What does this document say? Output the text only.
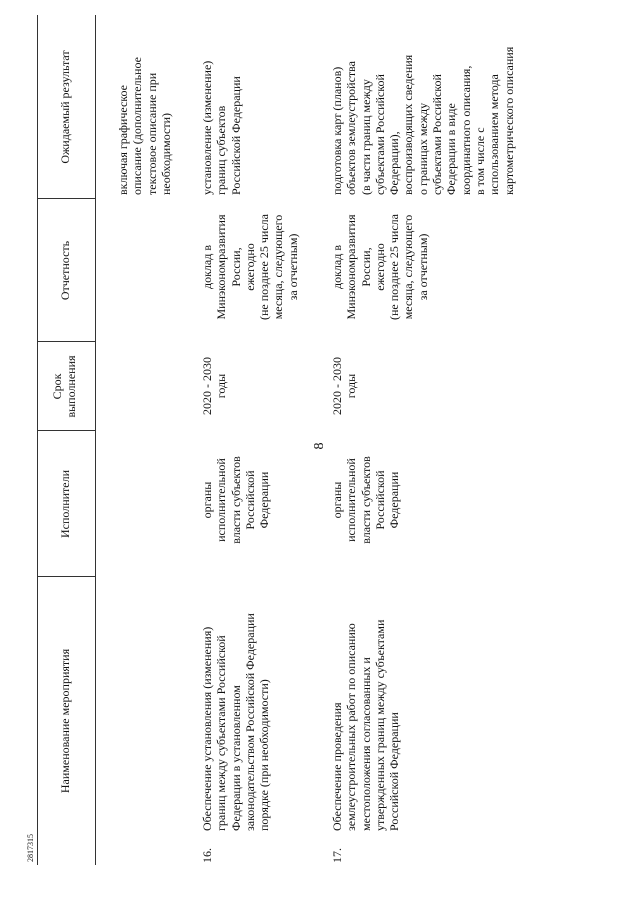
8
2817315
Наименование мероприятия
Исполнители
Срок
выполнения
Отчетность
Ожидаемый результат
включая графическое
описание (дополнительное
текстовое описание при
необходимости)
16.
Обеспечение установления (изменения)
границ между субъектами Российской
Федерации в установленном
законодательством Российской Федерации
порядке (при необходимости)
органы
исполнительной
власти субъектов
Российской
Федерации
2020 - 2030
годы
доклад в
Минэкономразвития
России,
ежегодно
(не позднее 25 числа
месяца, следующего
за отчетным)
установление (изменение)
границ субъектов
Российской Федерации
17.
Обеспечение проведения
землеустроительных работ по описанию
местоположения согласованных и
утвержденных границ между субъектами
Российской Федерации
органы
исполнительной
власти субъектов
Российской
Федерации
2020 - 2030
годы
доклад в
Минэкономразвития
России,
ежегодно
(не позднее 25 числа
месяца, следующего
за отчетным)
подготовка карт (планов)
объектов землеустройства
(в части границ между
субъектами Российской
Федерации),
воспроизводящих сведения
о границах между
субъектами Российской
Федерации в виде
координатного описания,
в том числе с
использованием метода
картометрического описания
